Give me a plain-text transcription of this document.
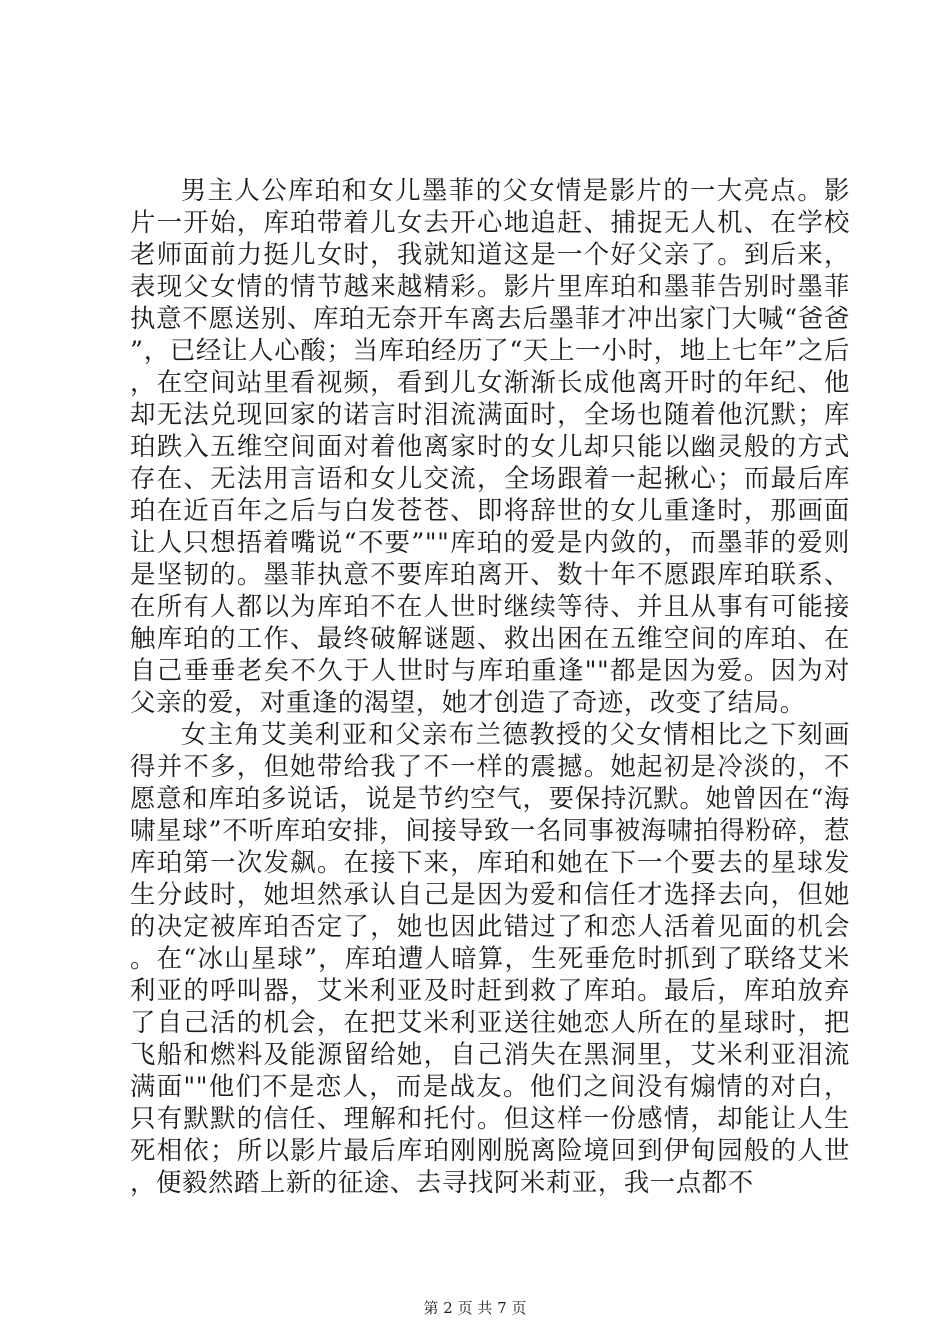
男主人公库珀和女儿墨菲的父女情是影片的一大亮点。影片一开始，库珀带着儿女去开心地追赶、捕捉无人机、在学校老师面前力挺儿女时，我就知道这是一个好父亲了。到后来，表现父女情的情节越来越精彩。影片里库珀和墨菲告别时墨菲执意不愿送别、库珀无奈开车离去后墨菲才冲出家门大喊“爸爸”，已经让人心酸；当库珀经历了“天上一小时，地上七年”之后，在空间站里看视频，看到儿女渐渐长成他离开时的年纪、他却无法兑现回家的诺言时泪流满面时，全场也随着他沉默；库珀跌入五维空间面对着他离家时的女儿却只能以幽灵般的方式存在、无法用言语和女儿交流，全场跟着一起揪心；而最后库珀在近百年之后与白发苍苍、即将辞世的女儿重逢时，那画面让人只想捂着嘴说“不要”""库珀的爱是内敛的，而墨菲的爱则是坚韧的。墨菲执意不要库珀离开、数十年不愿跟库珀联系、在所有人都以为库珀不在人世时继续等待、并且从事有可能接触库珀的工作、最终破解谜题、救出困在五维空间的库珀、在自己垂垂老矣不久于人世时与库珀重逢""都是因为爱。因为对父亲的爱，对重逢的渴望，她才创造了奇迹，改变了结局。

女主角艾美利亚和父亲布兰德教授的父女情相比之下刻画得并不多，但她带给我了不一样的震撼。她起初是冷淡的，不愿意和库珀多说话，说是节约空气，要保持沉默。她曾因在“海啸星球”不听库珀安排，间接导致一名同事被海啸拍得粉碎，惹库珀第一次发飙。在接下来，库珀和她在下一个要去的星球发生分歧时，她坦然承认自己是因为爱和信任才选择去向，但她的决定被库珀否定了，她也因此错过了和恋人活着见面的机会。在“冰山星球”，库珀遭人暗算，生死垂危时抓到了联络艾米利亚的呼叫器，艾米利亚及时赶到救了库珀。最后，库珀放弃了自己活的机会，在把艾米利亚送往她恋人所在的星球时，把飞船和燃料及能源留给她，自己消失在黑洞里，艾米利亚泪流满面""他们不是恋人，而是战友。他们之间没有煽情的对白，只有默默的信任、理解和托付。但这样一份感情，却能让人生死相依；所以影片最后库珀刚刚脱离险境回到伊甸园般的人世，便毅然踏上新的征途、去寻找阿米莉亚，我一点都不

第 2 页 共 7 页
